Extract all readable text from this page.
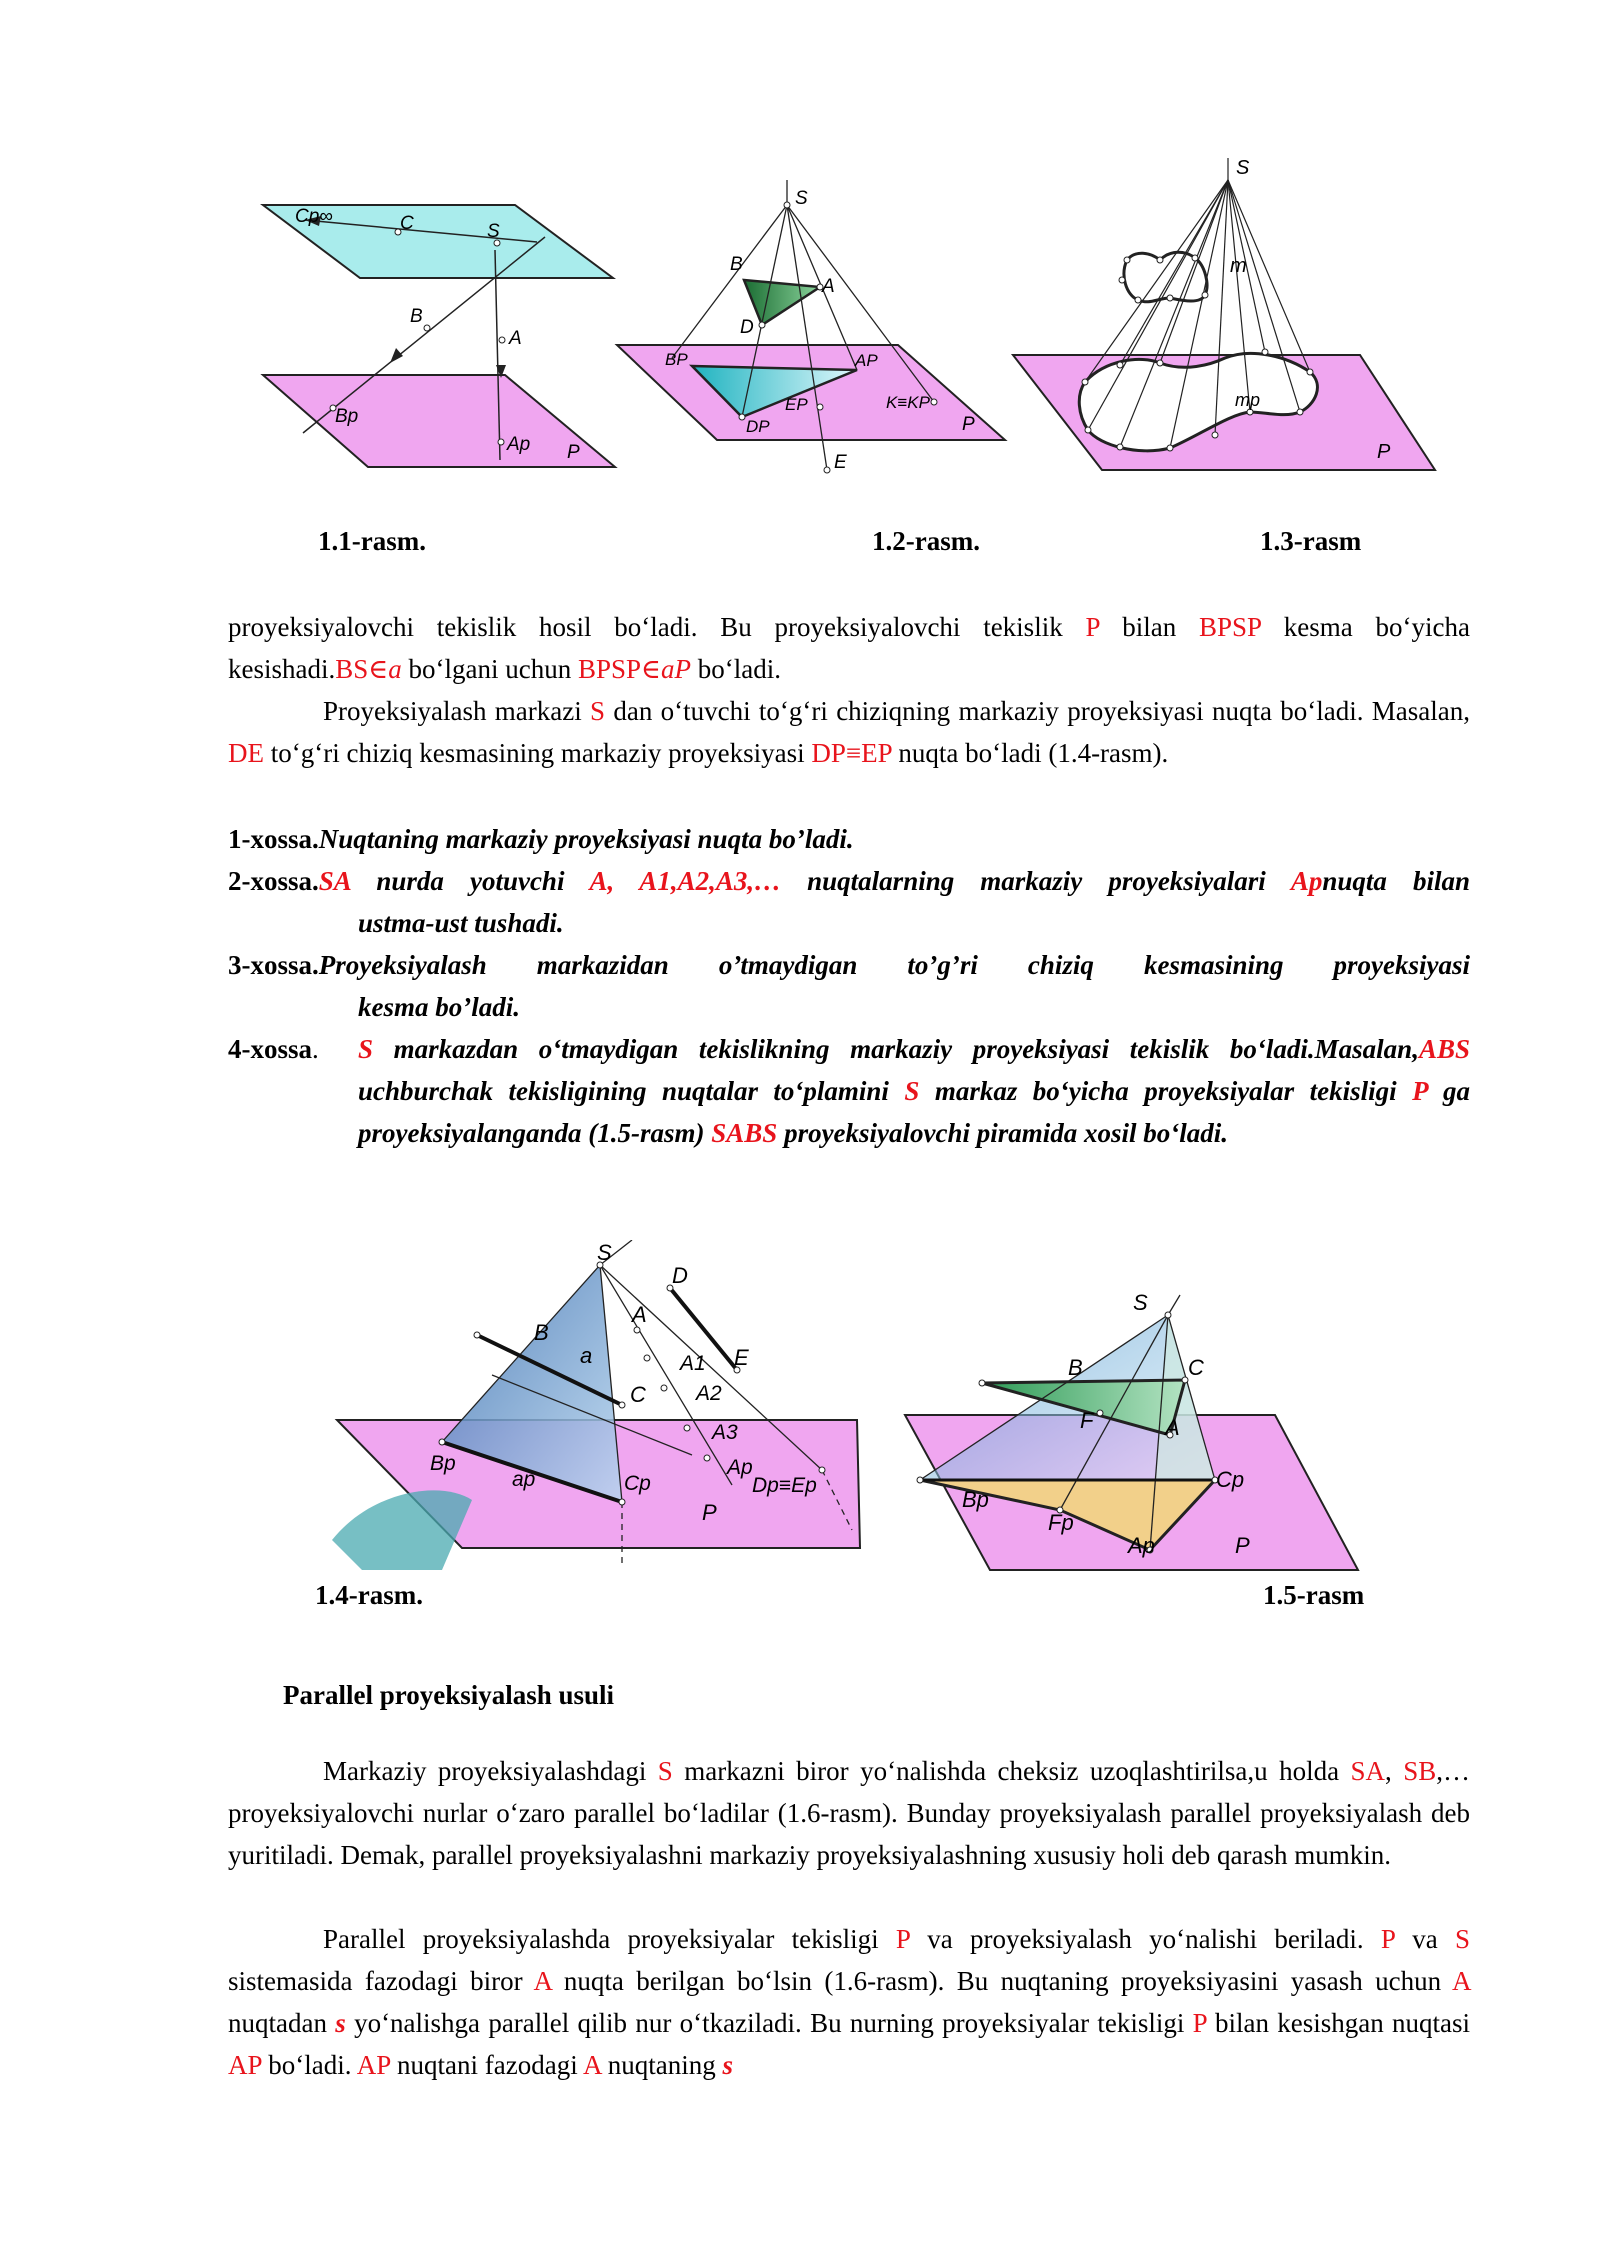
Cp∞	C	S
B
A
Bp
Ap P
1.1-rasm.
S
B
A
D
BP	AP
EP	K≡KP
DP	P
E
1.2-rasm.
S
m
mp
P
1.3-rasm

proyeksiyalovchi tekislik hosil bo‘ladi. Bu proyeksiyalovchi tekislik P bilan BPSP kesma bo‘yicha kesishadi.BS∈a bo‘lgani uchun BPSP∈aP bo‘ladi.

Proyeksiyalash markazi S dan o‘tuvchi to‘g‘ri chiziqning markaziy proyeksiyasi nuqta bo‘ladi. Masalan, DE to‘g‘ri chiziq kesmasining markaziy proyeksiyasi DP≡EP nuqta bo‘ladi (1.4-rasm).

1-xossa.Nuqtaning markaziy proyeksiyasi nuqta bo’ladi.
2-xossa.SA nurda yotuvchi A, A1,A2,A3,… nuqtalarning markaziy proyeksiyalari Apnuqta bilan
ustma-ust tushadi.
3-xossa.Proyeksiyalash markazidan o’tmaydigan to’g’ri chiziq kesmasining proyeksiyasi
kesma bo’ladi.
4-xossa.	S markazdan o‘tmaydigan tekislikning markaziy proyeksiyasi tekislik bo‘ladi.Masalan,ABS uchburchak tekisligining nuqtalar to‘plamini S markaz bo‘yicha proyeksiyalar tekisligi P ga proyeksiyalanganda (1.5-rasm) SABS proyeksiyalovchi piramida xosil bo‘ladi.
S
D
B
A
a	A1 E
C A2
A3
Ap
Bp
ap	Cp	Dp≡Ep
P
1.4-rasm.
S
B	C
F	A
Bp
Cp
Fp
Ap	P
1.5-rasm
Parallel proyeksiyalash usuli

Markaziy proyeksiyalashdagi S markazni biror yo‘nalishda cheksiz uzoqlashtirilsa,u holda SA, SB,… proyeksiyalovchi nurlar o‘zaro parallel bo‘ladilar (1.6-rasm). Bunday proyeksiyalash parallel proyeksiyalash deb yuritiladi. Demak, parallel proyeksiyalashni markaziy proyeksiyalashning xususiy holi deb qarash mumkin.

Parallel proyeksiyalashda proyeksiyalar tekisligi P va proyeksiyalash yo‘nalishi beriladi. P va S sistemasida fazodagi biror A nuqta berilgan bo‘lsin (1.6-rasm). Bu nuqtaning proyeksiyasini yasash uchun A nuqtadan s yo‘nalishga parallel qilib nur o‘tkaziladi. Bu nurning proyeksiyalar tekisligi P bilan kesishgan nuqtasi AP bo‘ladi. AP nuqtani fazodagi A nuqtaning s
